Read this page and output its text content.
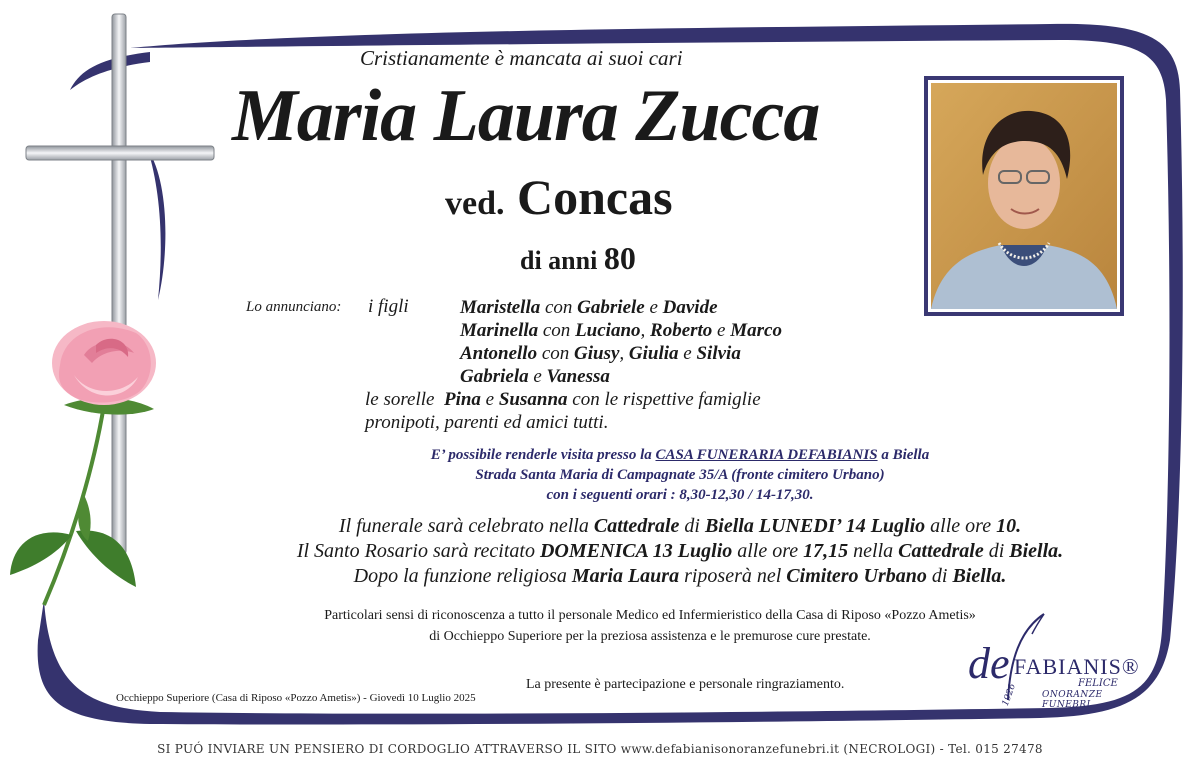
Cristianamente è mancata ai suoi cari
Maria Laura Zucca
ved. Concas
di anni 80
Lo annunciano: i figli	Maristella con Gabriele e Davide
Marinella con Luciano, Roberto e Marco
Antonello con Giusy, Giulia e Silvia
Gabriela e Vanessa
le sorelle Pina e Susanna con le rispettive famiglie
pronipoti, parenti ed amici tutti.
E’ possibile renderle visita presso la CASA FUNERARIA DEFABIANIS a Biella
Strada Santa Maria di Campagnate 35/A (fronte cimitero Urbano)
con i seguenti orari : 8,30-12,30 / 14-17,30.
Il funerale sarà celebrato nella Cattedrale di Biella LUNEDI’ 14 Luglio alle ore 10.
Il Santo Rosario sarà recitato DOMENICA 13 Luglio alle ore 17,15 nella Cattedrale di Biella.
Dopo la funzione religiosa Maria Laura riposerà nel Cimitero Urbano di Biella.
Particolari sensi di riconoscenza a tutto il personale Medico ed Infermieristico della Casa di Riposo «Pozzo Ametis»
di Occhieppo Superiore per la preziosa assistenza e le premurose cure prestate.
La presente è partecipazione e personale ringraziamento.
Occhieppo Superiore (Casa di Riposo «Pozzo Ametis») - Giovedì 10 Luglio 2025
de FABIANIS®
FELICE
1926	ONORANZE FUNEBRI
SI PUÓ INVIARE UN PENSIERO DI CORDOGLIO ATTRAVERSO IL SITO www.defabianisonoranzefunebri.it (NECROLOGI) - Tel. 015 27478
